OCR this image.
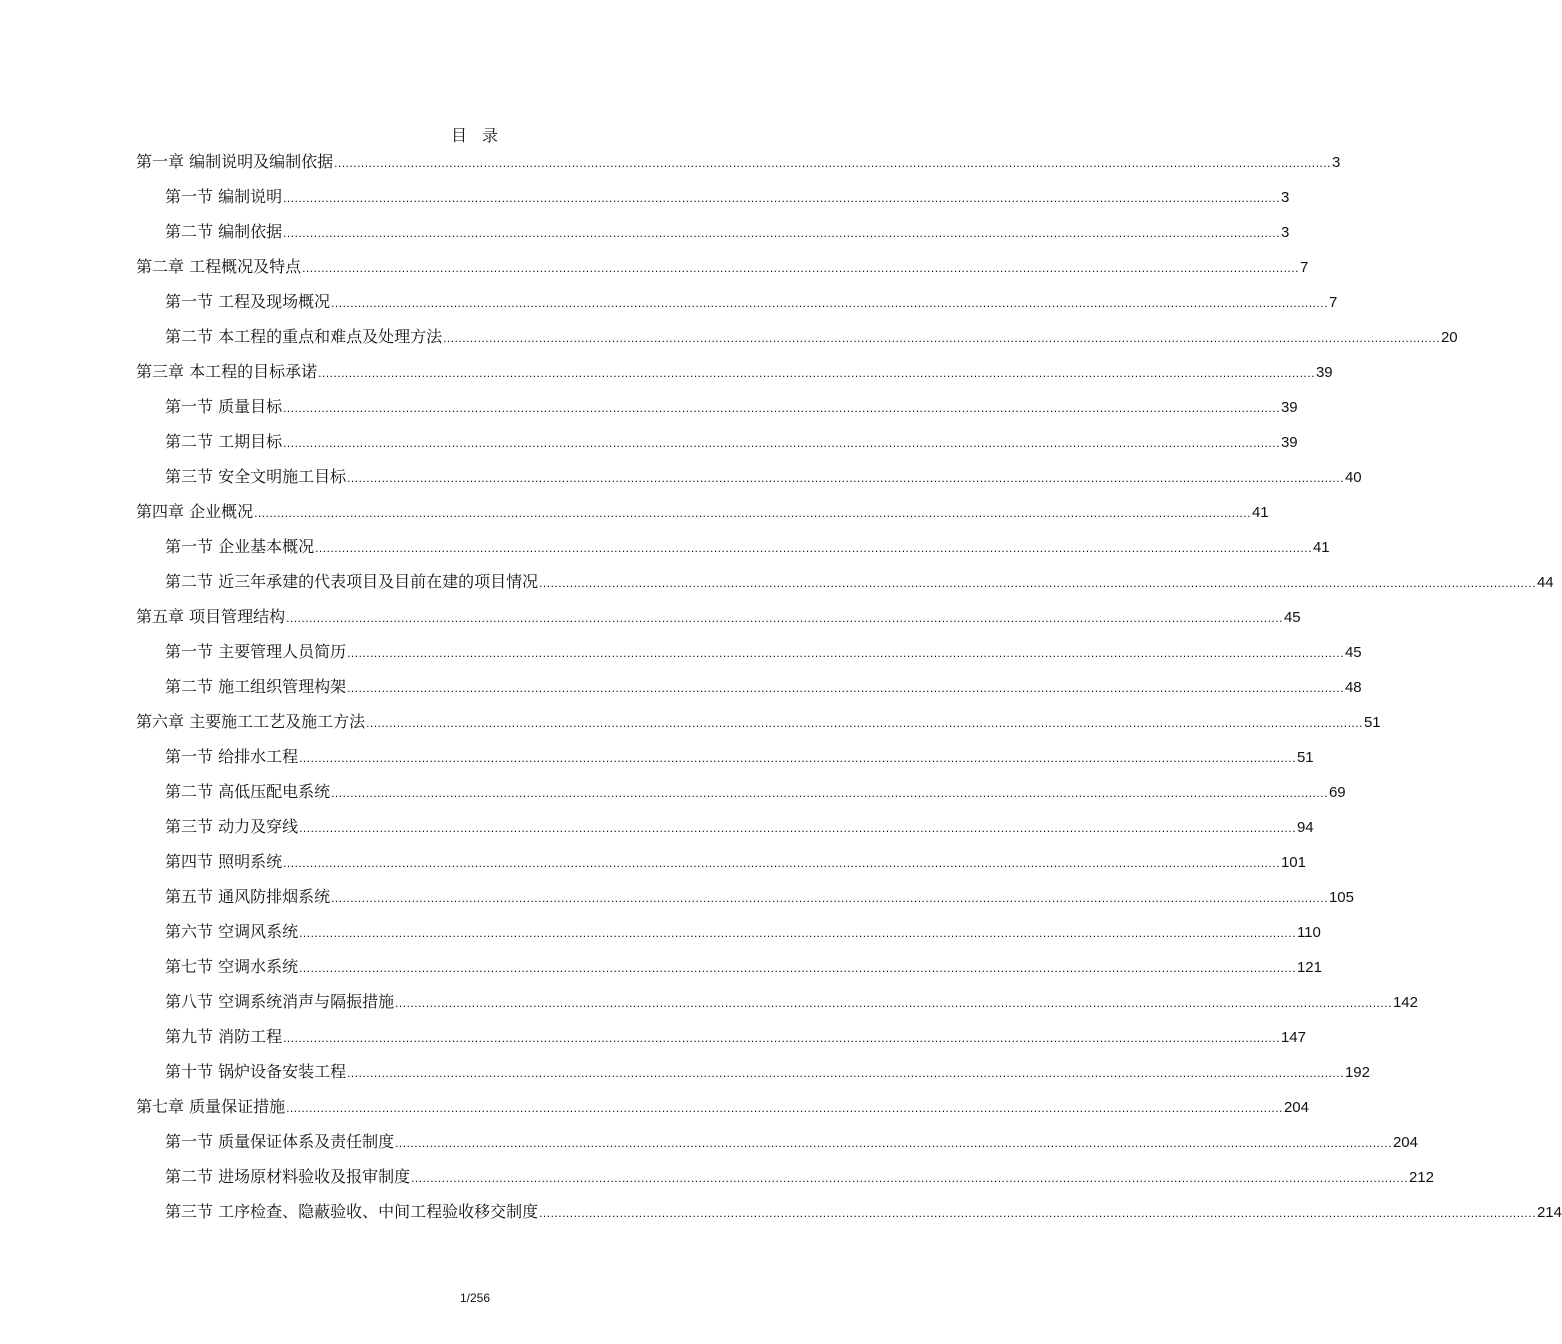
目 录
第一章 编制说明及编制依据 .................................................................................................................................................................................................................................................................... 3
第一节 编制说明 .................................................................................................................................................................................................................................................................... 3
第二节 编制依据 .................................................................................................................................................................................................................................................................... 3
第二章 工程概况及特点 .................................................................................................................................................................................................................................................................... 7
第一节 工程及现场概况 .................................................................................................................................................................................................................................................................... 7
第二节 本工程的重点和难点及处理方法 .................................................................................................................................................................................................................................................................... 20
第三章 本工程的目标承诺 .................................................................................................................................................................................................................................................................... 39
第一节 质量目标 .................................................................................................................................................................................................................................................................... 39
第二节 工期目标 .................................................................................................................................................................................................................................................................... 39
第三节 安全文明施工目标 .................................................................................................................................................................................................................................................................... 40
第四章 企业概况 .................................................................................................................................................................................................................................................................... 41
第一节 企业基本概况 .................................................................................................................................................................................................................................................................... 41
第二节 近三年承建的代表项目及目前在建的项目情况 .................................................................................................................................................................................................................................................................... 44
第五章 项目管理结构 .................................................................................................................................................................................................................................................................... 45
第一节 主要管理人员简历 .................................................................................................................................................................................................................................................................... 45
第二节 施工组织管理构架 .................................................................................................................................................................................................................................................................... 48
第六章 主要施工工艺及施工方法 .................................................................................................................................................................................................................................................................... 51
第一节 给排水工程 .................................................................................................................................................................................................................................................................... 51
第二节 高低压配电系统 .................................................................................................................................................................................................................................................................... 69
第三节 动力及穿线 .................................................................................................................................................................................................................................................................... 94
第四节 照明系统 .................................................................................................................................................................................................................................................................... 101
第五节 通风防排烟系统 .................................................................................................................................................................................................................................................................... 105
第六节 空调风系统 .................................................................................................................................................................................................................................................................... 110
第七节 空调水系统 .................................................................................................................................................................................................................................................................... 121
第八节 空调系统消声与隔振措施 .................................................................................................................................................................................................................................................................... 142
第九节 消防工程 .................................................................................................................................................................................................................................................................... 147
第十节 锅炉设备安装工程 .................................................................................................................................................................................................................................................................... 192
第七章 质量保证措施 .................................................................................................................................................................................................................................................................... 204
第一节 质量保证体系及责任制度 .................................................................................................................................................................................................................................................................... 204
第二节 进场原材料验收及报审制度 .................................................................................................................................................................................................................................................................... 212
第三节 工序检查、隐蔽验收、中间工程验收移交制度 .................................................................................................................................................................................................................................................................... 214
1/256
